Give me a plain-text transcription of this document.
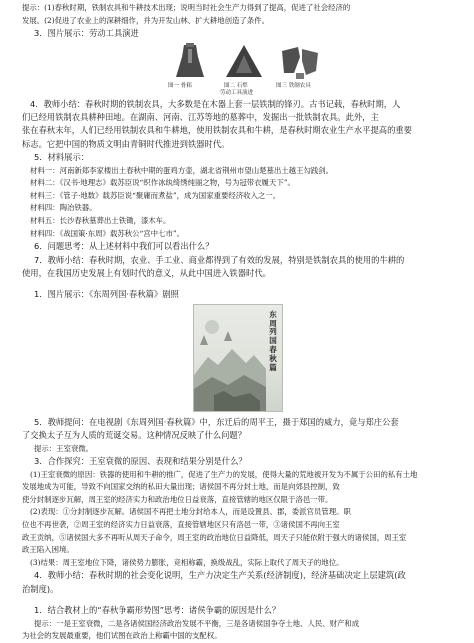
提示：(1)春秋时期，铁制农具和牛耕技术出现；说明当时社会生产力得到了提高，促进了社会经济的
发展。(2)促进了农业上的深耕细作，并为开发山林、扩大耕地创造了条件。
3．图片展示：劳动工具演进
图一 骨耜	图二 石犁	图三 铁制农具
劳动工具演进
4．教师小结：春秋时期的铁制农具，大多数是在木器上套一层铁制的锋刃。古书记载，春秋时期，人
们已经用铁制农具耕种田地。在湖南、河南、江苏等地的墓葬中，发掘出一批铁制农具。此外，主
张在春秋末年，人们已经用铁制农具和牛耕地，使用铁制农具和牛耕，是春秋时期农业生产水平提高的重要
标志。它把中国的物质文明由青铜时代推进到铁器时代。
5．材料展示：
材料一：河南新郑李家楼出土春秋中期的蛋鸡方壶，湖北省荆州市望山楚墓出土越王勾践剑。
材料二：《汉书·地理志》载苏臣说“织作冰纨绮绣纯丽之物，号为冠带衣履天下”。
材料三：《管子·地数》载苏臣说“聚庸而煮盐”，成为国家重要经济收入之一。
材料四：陶冶铁器。
材料五：长沙春秋墓葬出土铁锄，漆木车。
材料四：《战国策·东周》载苏秋公“宫中七市”。
6．问题思考：从上述材料中我们可以看出什么？
7．教师小结：春秋时期，农业、手工业、商业都得到了有效的发展，特别是铁制农具的使用的牛耕的
使用，在我国历史发展上有划时代的意义，从此中国进入铁器时代。
1．图片展示：《东周列国·春秋篇》剧照
东周列国春秋篇
5．教师提问：在电视剧《东周列国·春秋篇》中，东迁后的周平王，摄于郑国的威力，竟与郑庄公套
了交换太子互为人质的荒诞交易。这种情况反映了什么问题？
提示：王室衰微。
3．合作探究：王室衰微的原因、表现和结果分别是什么？
(1)王室衰微的原因：铁器的使用和牛耕的推广，促进了生产力的发展，使得大量的荒地被开发为不属于公田的私有土地
发展地成为可能，导致不向国家交纳的私田大量出现；诸侯国不再分封土地，而是向郊县控制，致
使分封制逐步瓦解，周王室的经济实力和政治地位日益衰落，直接管辖的地区仅限于洛邑一带。
(2)表现：①分封制逐步瓦解。诸侯国不再把土地分封给本人，而是设置县、郡，委派官员管理。职
位也不再世袭，②周王室的经济实力日益衰落，直接管辖地区只有洛邑一带，③诸侯国不再向王室
政王贡纳，⑤诸侯国大多不再听从周天子命令，周王室的政治地位日益降低，周天子只能依附于强大的诸侯国，周王室
政王陷入困境。
(3)结果：周王室地位下降，诸侯势力膨胀，竞相称霸，换级战乱，实际上取代了周天子的地位。
4．教师小结：春秋时期的社会变化说明，生产力决定生产关系(经济制度)，经济基础决定上层建筑(政
治制度)。
1．结合教材上的“春秋争霸形势图”思考：诸侯争霸的原因是什么？
提示：一是王室衰微，二是各诸侯国经济政治发展不平衡，三是各诸侯国争夺土地、人民、财产和成
为社会的发展最重要，他们试图在政治上称霸中国的支配权。
